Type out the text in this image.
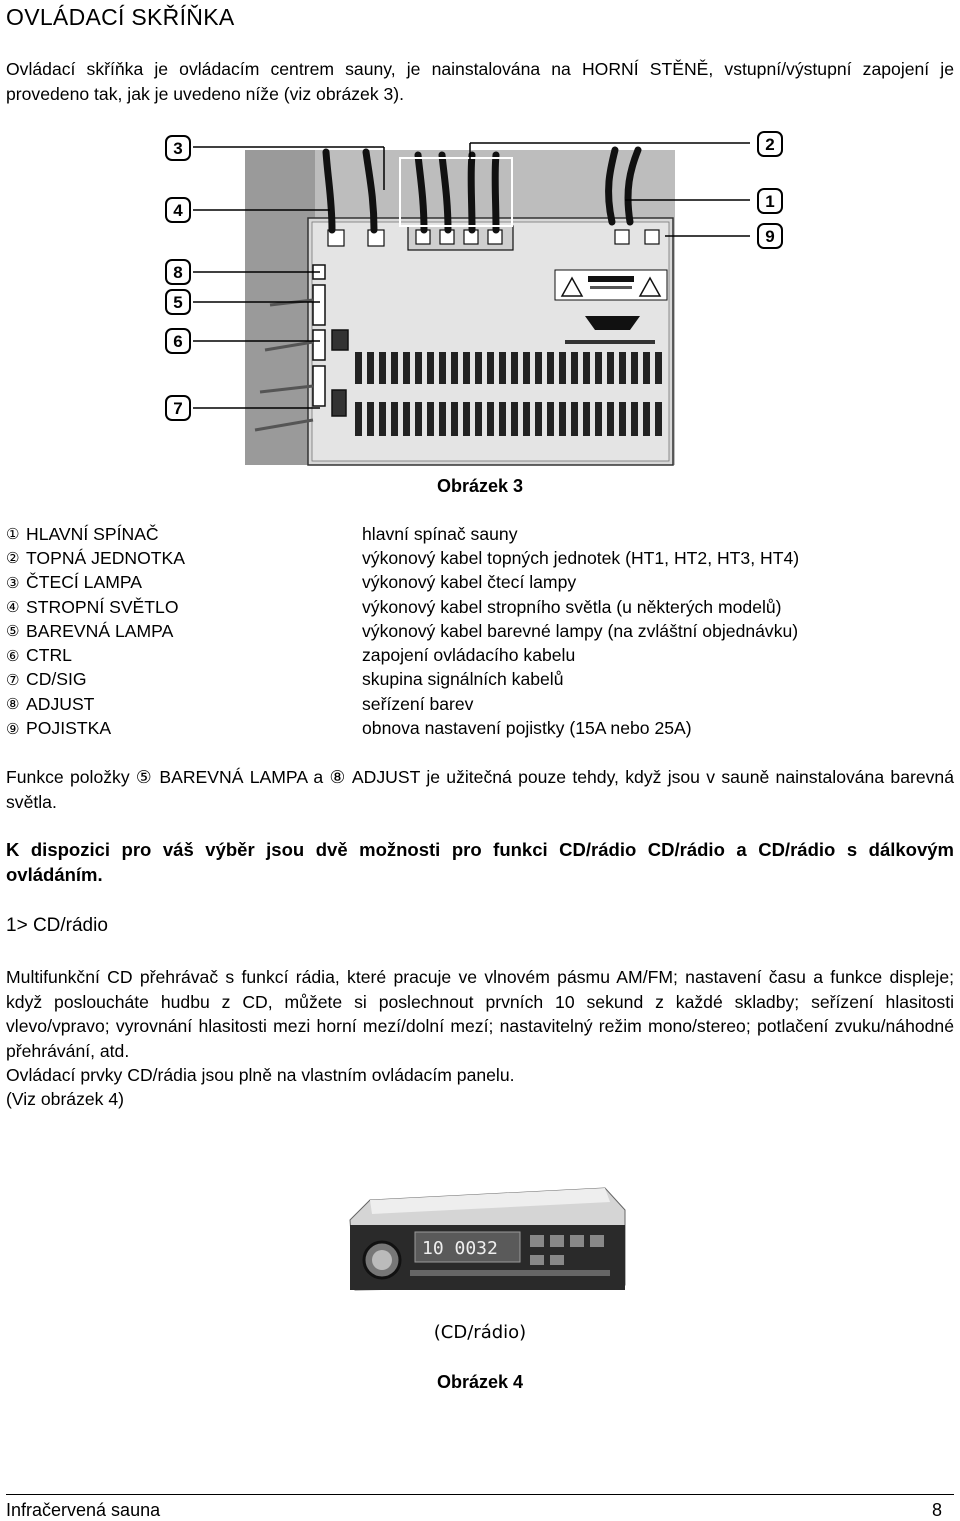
OVLÁDACÍ SKŘÍŇKA
Ovládací skříňka je ovládacím centrem sauny, je nainstalována na HORNÍ STĚNĚ, vstupní/výstupní zapojení je provedeno tak, jak je uvedeno níže (viz obrázek 3).
3
4
8
5
6
7
2
1
9
Obrázek 3
① HLAVNÍ SPÍNAČ	hlavní spínač sauny
② TOPNÁ JEDNOTKA	výkonový kabel topných jednotek (HT1, HT2, HT3, HT4)
③ ČTECÍ LAMPA	výkonový kabel čtecí lampy
④ STROPNÍ SVĚTLO	výkonový kabel stropního světla (u některých modelů)
⑤ BAREVNÁ LAMPA	výkonový kabel barevné lampy (na zvláštní objednávku)
⑥ CTRL	zapojení ovládacího kabelu
⑦ CD/SIG	skupina signálních kabelů
⑧ ADJUST	seřízení barev
⑨ POJISTKA	obnova nastavení pojistky (15A nebo 25A)
Funkce položky ⑤ BAREVNÁ LAMPA a ⑧ ADJUST je užitečná pouze tehdy, když jsou v sauně nainstalována barevná světla.
K dispozici pro váš výběr jsou dvě možnosti pro funkci CD/rádio CD/rádio a CD/rádio s dálkovým ovládáním.
1> CD/rádio
Multifunkční CD přehrávač s funkcí rádia, které pracuje ve vlnovém pásmu AM/FM; nastavení času a funkce displeje; když posloucháte hudbu z CD, můžete si poslechnout prvních 10 sekund z každé skladby; seřízení hlasitosti vlevo/vpravo; vyrovnání hlasitosti mezi horní mezí/dolní mezí; nastavitelný režim mono/stereo; potlačení zvuku/náhodné přehrávání, atd.
Ovládací prvky CD/rádia jsou plně na vlastním ovládacím panelu.
(Viz obrázek 4)
10 0032
(CD/rádio)
Obrázek 4
Infračervená sauna	8
